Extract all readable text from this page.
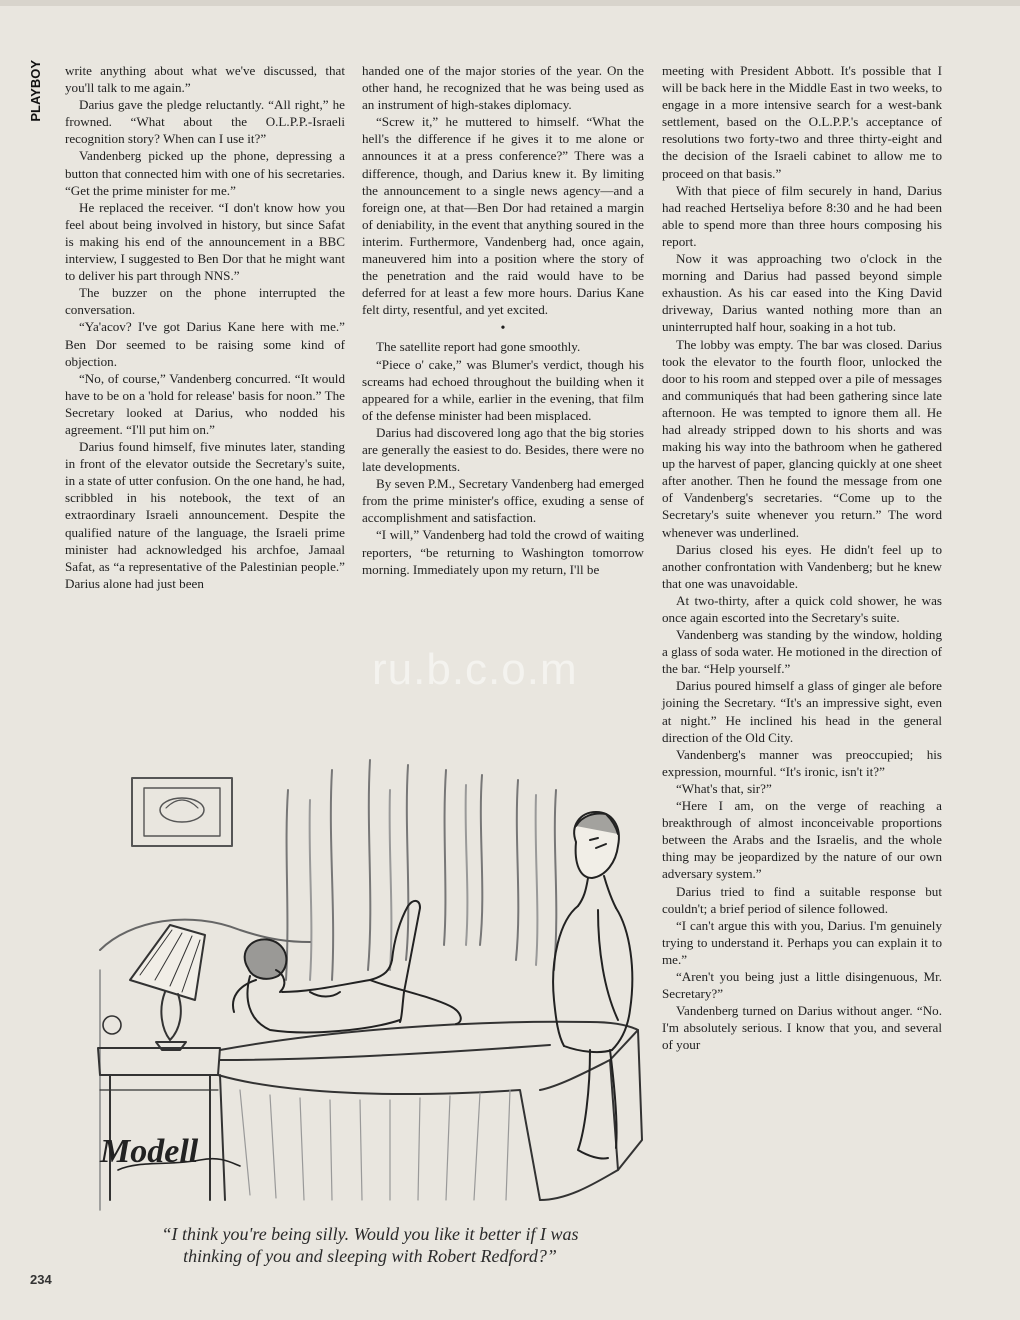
PLAYBOY	write anything about what we've discussed, that you'll talk to me again.”

Darius gave the pledge reluctantly. “All right,” he frowned. “What about the O.L.P.P.-Israeli recognition story? When can I use it?”

Vandenberg picked up the phone, depressing a button that connected him with one of his secretaries. “Get the prime minister for me.”

He replaced the receiver. “I don't know how you feel about being involved in history, but since Safat is making his end of the announcement in a BBC interview, I suggested to Ben Dor that he might want to deliver his part through NNS.”

The buzzer on the phone interrupted the conversation.

“Ya'acov? I've got Darius Kane here with me.” Ben Dor seemed to be raising some kind of objection.

“No, of course,” Vandenberg concurred. “It would have to be on a 'hold for release' basis for noon.” The Secretary looked at Darius, who nodded his agreement. “I'll put him on.”

Darius found himself, five minutes later, standing in front of the elevator outside the Secretary's suite, in a state of utter confusion. On the one hand, he had, scribbled in his notebook, the text of an extraordinary Israeli announcement. Despite the qualified nature of the language, the Israeli prime minister had acknowledged his archfoe, Jamaal Safat, as “a representative of the Palestinian people.” Darius alone had just been

handed one of the major stories of the year. On the other hand, he recognized that he was being used as an instrument of high-stakes diplomacy.

“Screw it,” he muttered to himself. “What the hell's the difference if he gives it to me alone or announces it at a press conference?” There was a difference, though, and Darius knew it. By limiting the announcement to a single news agency—and a foreign one, at that—Ben Dor had retained a margin of deniability, in the event that anything soured in the interim. Furthermore, Vandenberg had, once again, maneuvered him into a position where the story of the penetration and the raid would have to be deferred for at least a few more hours. Darius Kane felt dirty, resentful, and yet excited.

•

The satellite report had gone smoothly.

“Piece o' cake,” was Blumer's verdict, though his screams had echoed throughout the building when it appeared for a while, earlier in the evening, that film of the defense minister had been misplaced.

Darius had discovered long ago that the big stories are generally the easiest to do. Besides, there were no late developments.

By seven P.M., Secretary Vandenberg had emerged from the prime minister's office, exuding a sense of accomplishment and satisfaction.

“I will,” Vandenberg had told the crowd of waiting reporters, “be returning to Washington tomorrow morning. Immediately upon my return, I'll be

meeting with President Abbott. It's possible that I will be back here in the Middle East in two weeks, to engage in a more intensive search for a west-bank settlement, based on the O.L.P.P.'s acceptance of resolutions two forty-two and three thirty-eight and the decision of the Israeli cabinet to allow me to proceed on that basis.”

With that piece of film securely in hand, Darius had reached Hertseliya before 8:30 and he had been able to spend more than three hours composing his report.

Now it was approaching two o'clock in the morning and Darius had passed beyond simple exhaustion. As his car eased into the King David driveway, Darius wanted nothing more than an uninterrupted half hour, soaking in a hot tub.

The lobby was empty. The bar was closed. Darius took the elevator to the fourth floor, unlocked the door to his room and stepped over a pile of messages and communiqués that had been gathering since late afternoon. He was tempted to ignore them all. He had already stripped down to his shorts and was making his way into the bathroom when he gathered up the harvest of paper, glancing quickly at one sheet after another. Then he found the message from one of Vandenberg's secretaries. “Come up to the Secretary's suite whenever you return.” The word whenever was underlined.

Darius closed his eyes. He didn't feel up to another confrontation with Vandenberg; but he knew that one was unavoidable.

At two-thirty, after a quick cold shower, he was once again escorted into the Secretary's suite.

Vandenberg was standing by the window, holding a glass of soda water. He motioned in the direction of the bar. “Help yourself.”

Darius poured himself a glass of ginger ale before joining the Secretary. “It's an impressive sight, even at night.” He inclined his head in the general direction of the Old City.

Vandenberg's manner was preoccupied; his expression, mournful. “It's ironic, isn't it?”

“What's that, sir?”

“Here I am, on the verge of reaching a breakthrough of almost inconceivable proportions between the Arabs and the Israelis, and the whole thing may be jeopardized by the nature of our own adversary system.”

Darius tried to find a suitable response but couldn't; a brief period of silence followed.

“I can't argue this with you, Darius. I'm genuinely trying to understand it. Perhaps you can explain it to me.”

“Aren't you being just a little disingenuous, Mr. Secretary?”

Vandenberg turned on Darius without anger. “No. I'm absolutely serious. I know that you, and several of your

Modell
“I think you're being silly. Would you like it better if I was thinking of you and sleeping with Robert Redford?”
ru.b.c.o.m
234
